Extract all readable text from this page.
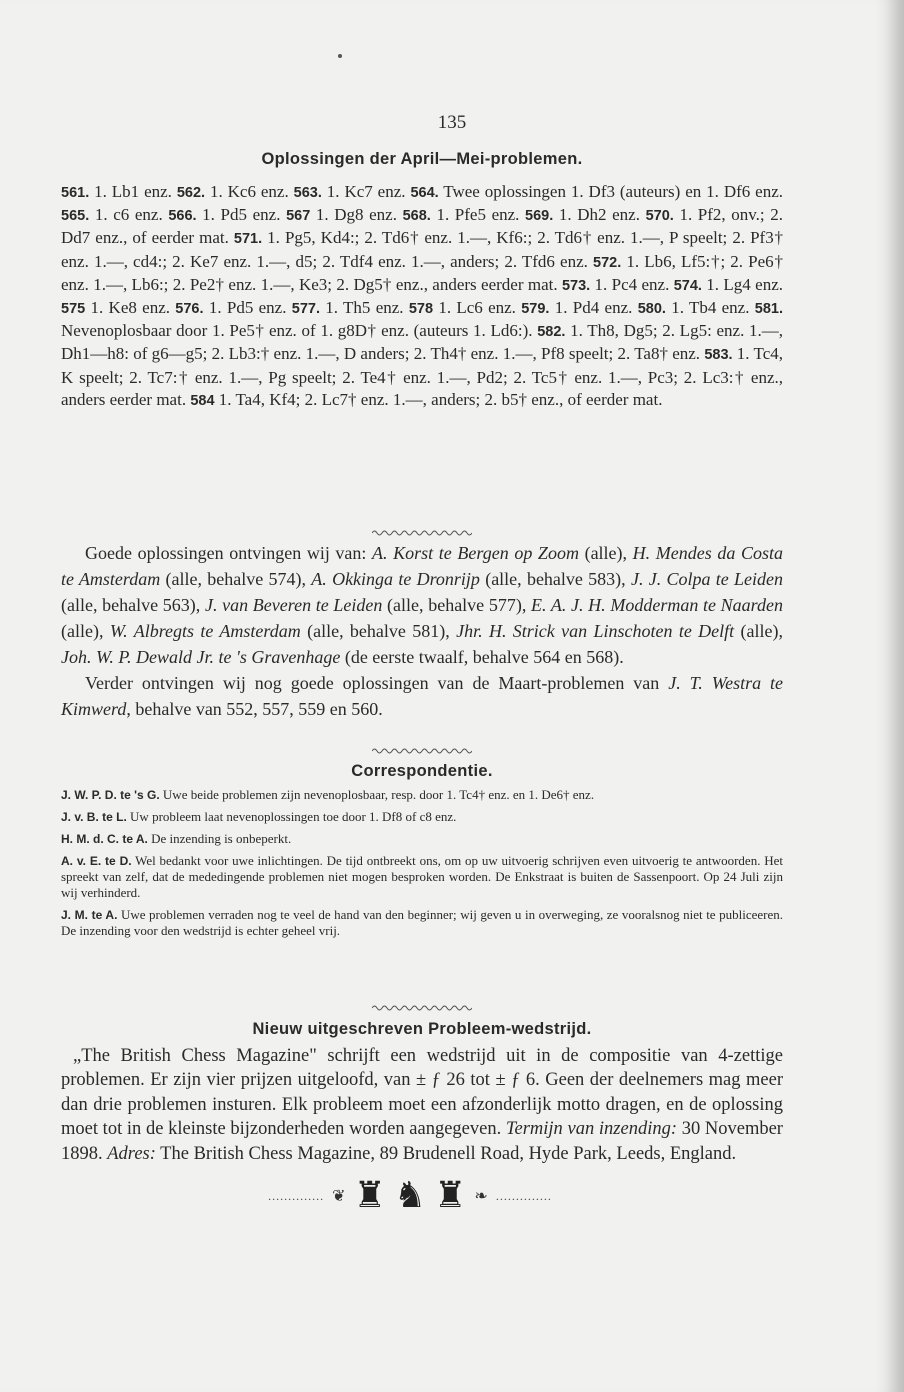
135
Oplossingen der April—Mei-problemen.
561. 1. Lb1 enz. 562. 1. Kc6 enz. 563. 1. Kc7 enz. 564. Twee oplossingen 1. Df3 (auteurs) en 1. Df6 enz. 565. 1. c6 enz. 566. 1. Pd5 enz. 567 1. Dg8 enz. 568. 1. Pfe5 enz. 569. 1. Dh2 enz. 570. 1. Pf2, onv.; 2. Dd7 enz., of eerder mat. 571. 1. Pg5, Kd4:; 2. Td6† enz. 1.—, Kf6:; 2. Td6† enz. 1.—, P speelt; 2. Pf3† enz. 1.—, cd4:; 2. Ke7 enz. 1.—, d5; 2. Tdf4 enz. 1.—, anders; 2. Tfd6 enz. 572. 1. Lb6, Lf5:†; 2. Pe6† enz. 1.—, Lb6:; 2. Pe2† enz. 1.—, Ke3; 2. Dg5† enz., anders eerder mat. 573. 1. Pc4 enz. 574. 1. Lg4 enz. 575 1. Ke8 enz. 576. 1. Pd5 enz. 577. 1. Th5 enz. 578 1. Lc6 enz. 579. 1. Pd4 enz. 580. 1. Tb4 enz. 581. Nevenoplosbaar door 1. Pe5† enz. of 1. g8D† enz. (auteurs 1. Ld6:). 582. 1. Th8, Dg5; 2. Lg5: enz. 1.—, Dh1—h8: of g6—g5; 2. Lb3:† enz. 1.—, D anders; 2. Th4† enz. 1.—, Pf8 speelt; 2. Ta8† enz. 583. 1. Tc4, K speelt; 2. Tc7:† enz. 1.—, Pg speelt; 2. Te4† enz. 1.—, Pd2; 2. Tc5† enz. 1.—, Pc3; 2. Lc3:† enz., anders eerder mat. 584 1. Ta4, Kf4; 2. Lc7† enz. 1.—, anders; 2. b5† enz., of eerder mat.

Goede oplossingen ontvingen wij van: A. Korst te Bergen op Zoom (alle), H. Mendes da Costa te Amsterdam (alle, behalve 574), A. Okkinga te Dronrijp (alle, behalve 583), J. J. Colpa te Leiden (alle, behalve 563), J. van Beveren te Leiden (alle, behalve 577), E. A. J. H. Modderman te Naarden (alle), W. Albregts te Amsterdam (alle, behalve 581), Jhr. H. Strick van Linschoten te Delft (alle), Joh. W. P. Dewald Jr. te 's Gravenhage (de eerste twaalf, behalve 564 en 568).

Verder ontvingen wij nog goede oplossingen van de Maart-problemen van J. T. Westra te Kimwerd, behalve van 552, 557, 559 en 560.

Correspondentie.

J. W. P. D. te 's G. Uwe beide problemen zijn nevenoplosbaar, resp. door 1. Tc4† enz. en 1. De6† enz.

J. v. B. te L. Uw probleem laat nevenoplossingen toe door 1. Df8 of c8 enz.

H. M. d. C. te A. De inzending is onbeperkt.

A. v. E. te D. Wel bedankt voor uwe inlichtingen. De tijd ontbreekt ons, om op uw uitvoerig schrijven even uitvoerig te antwoorden. Het spreekt van zelf, dat de mededingende problemen niet mogen besproken worden. De Enkstraat is buiten de Sassenpoort. Op 24 Juli zijn wij verhinderd.

J. M. te A. Uwe problemen verraden nog te veel de hand van den beginner; wij geven u in overweging, ze vooralsnog niet te publiceeren. De inzending voor den wedstrijd is echter geheel vrij.

Nieuw uitgeschreven Probleem-wedstrijd.

„The British Chess Magazine" schrijft een wedstrijd uit in de compositie van 4-zettige problemen. Er zijn vier prijzen uitgeloofd, van ± ƒ 26 tot ± ƒ 6. Geen der deelnemers mag meer dan drie problemen insturen. Elk probleem moet een afzonderlijk motto dragen, en de oplossing moet tot in de kleinste bijzonderheden worden aangegeven. Termijn van inzending: 30 November 1898. Adres: The British Chess Magazine, 89 Brudenell Road, Hyde Park, Leeds, England.

.............. ❦ ♜ ♞ ♜ ❧ ..............
